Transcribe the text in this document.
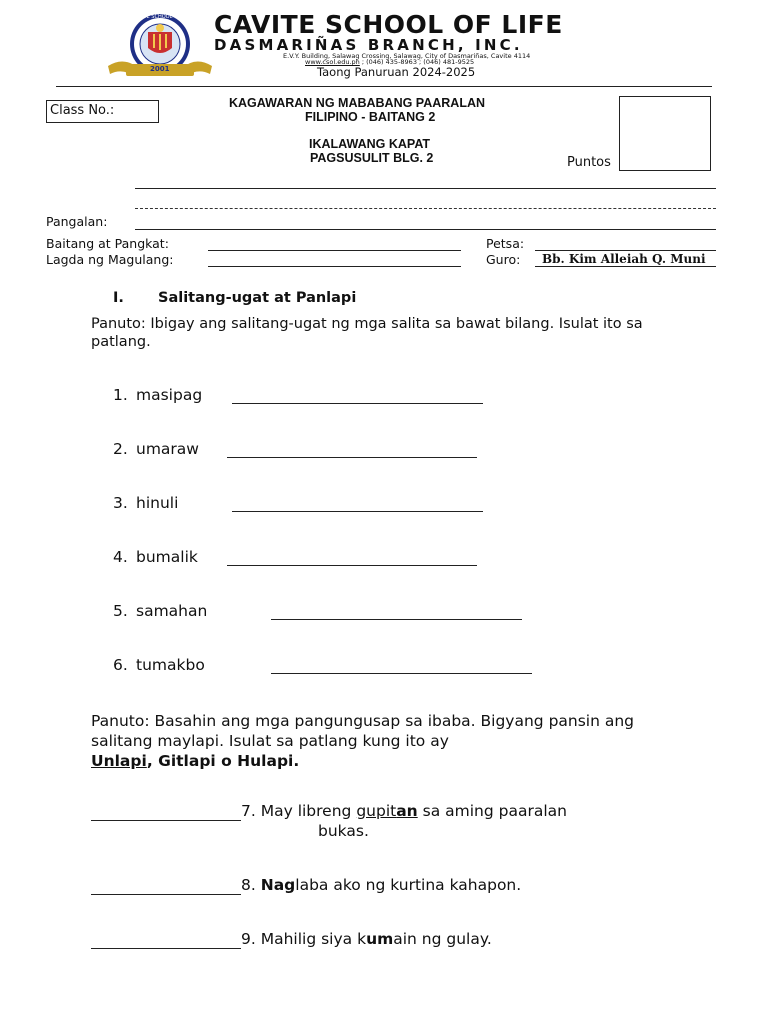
2001
CAVITE SCHOOL OF LIFE CAVITE SCHOOL OF LIFE
DASMARIÑAS BRANCH, INC.
E.V.Y. Building, Salawag Crossing, Salawag, City of Dasmariñas, Cavite 4114
www.csol.edu.ph ; (046) 435-8963 ; (046) 481-9525
Taong Panuruan 2024-2025
Class No.:	KAGAWARAN NG MABABANG PAARALAN
FILIPINO - BAITANG 2
IKALAWANG KAPAT
PAGSUSULIT BLG. 2	Puntos
Pangalan:
Baitang at Pangkat:
Lagda ng Magulang:
Petsa:
Guro: Bb. Kim Alleiah Q. Muni
I. Salitang-ugat at Panlapi
Panuto: Ibigay ang salitang-ugat ng mga salita sa bawat bilang. Isulat ito sa patlang.
1. masipag
2. umaraw
3. hinuli
4. bumalik
5. samahan
6. tumakbo
Panuto: Basahin ang mga pangungusap sa ibaba. Bigyang pansin ang salitang maylapi. Isulat sa patlang kung ito ay
Unlapi, Gitlapi o Hulapi.
7. May libreng gupitan sa aming paaralan
bukas.
8. Naglaba ako ng kurtina kahapon.
9. Mahilig siya kumain ng gulay.
